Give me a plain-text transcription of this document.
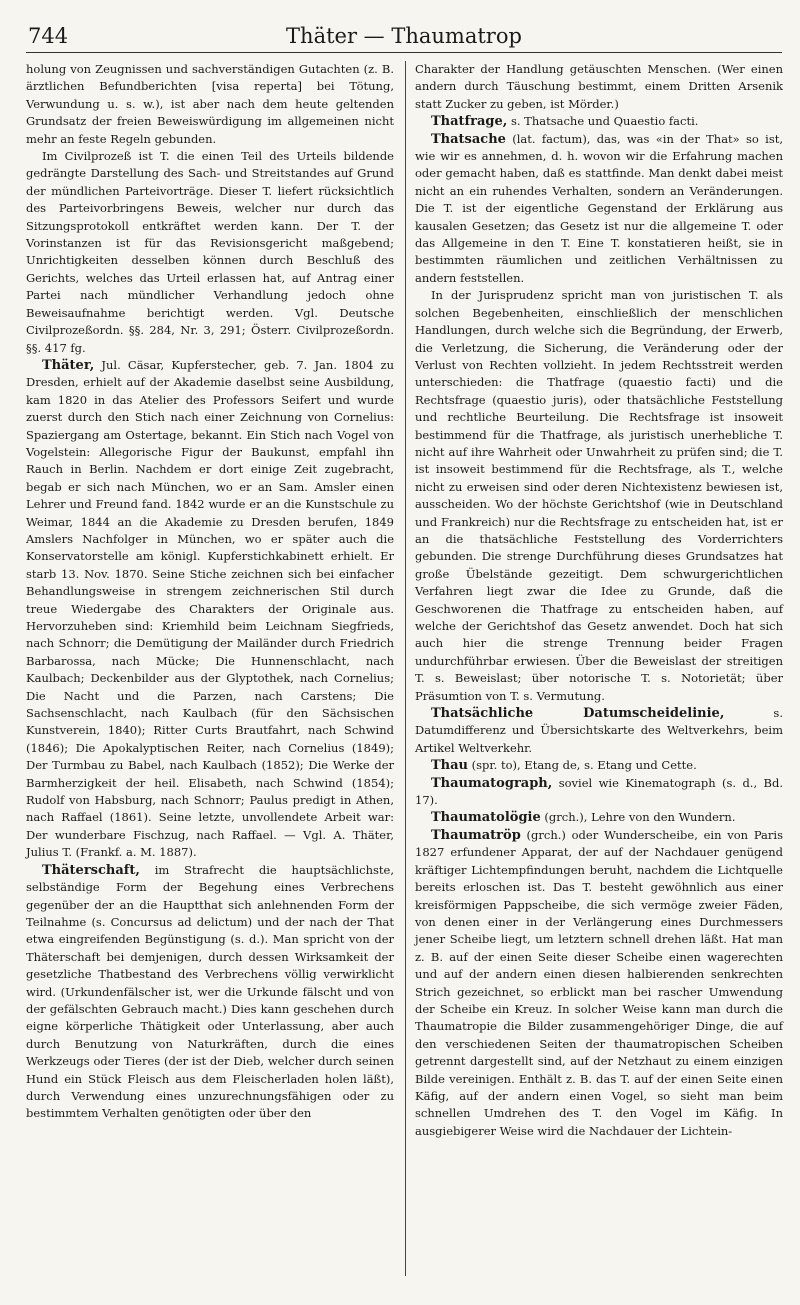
744	Thäter — Thaumatrop

holung von Zeugnissen und sachverständigen Gutachten (z. B. ärztlichen Befundberichten [visa reperta] bei Tötung, Verwundung u. s. w.), ist aber nach dem heute geltenden Grundsatz der freien Beweiswürdigung im allgemeinen nicht mehr an feste Regeln gebunden.

Im Civilprozeß ist T. die einen Teil des Urteils bildende gedrängte Darstellung des Sach- und Streitstandes auf Grund der mündlichen Parteivorträge. Dieser T. liefert rücksichtlich des Parteivorbringens Beweis, welcher nur durch das Sitzungsprotokoll entkräftet werden kann. Der T. der Vorinstanzen ist für das Revisionsgericht maßgebend; Unrichtigkeiten desselben können durch Beschluß des Gerichts, welches das Urteil erlassen hat, auf Antrag einer Partei nach mündlicher Verhandlung jedoch ohne Beweisaufnahme berichtigt werden. Vgl. Deutsche Civilprozeßordn. §§. 284, Nr. 3, 291; Österr. Civilprozeßordn. §§. 417 fg.

Thäter, Jul. Cäsar, Kupferstecher, geb. 7. Jan. 1804 zu Dresden, erhielt auf der Akademie daselbst seine Ausbildung, kam 1820 in das Atelier des Professors Seifert und wurde zuerst durch den Stich nach einer Zeichnung von Cornelius: Spaziergang am Ostertage, bekannt. Ein Stich nach Vogel von Vogelstein: Allegorische Figur der Baukunst, empfahl ihn Rauch in Berlin. Nachdem er dort einige Zeit zugebracht, begab er sich nach München, wo er an Sam. Amsler einen Lehrer und Freund fand. 1842 wurde er an die Kunstschule zu Weimar, 1844 an die Akademie zu Dresden berufen, 1849 Amslers Nachfolger in München, wo er später auch die Konservatorstelle am königl. Kupferstichkabinett erhielt. Er starb 13. Nov. 1870. Seine Stiche zeichnen sich bei einfacher Behandlungsweise in strengem zeichnerischen Stil durch treue Wiedergabe des Charakters der Originale aus. Hervorzuheben sind: Kriemhild beim Leichnam Siegfrieds, nach Schnorr; die Demütigung der Mailänder durch Friedrich Barbarossa, nach Mücke; Die Hunnenschlacht, nach Kaulbach; Deckenbilder aus der Glyptothek, nach Cornelius; Die Nacht und die Parzen, nach Carstens; Die Sachsenschlacht, nach Kaulbach (für den Sächsischen Kunstverein, 1840); Ritter Curts Brautfahrt, nach Schwind (1846); Die Apokalyptischen Reiter, nach Cornelius (1849); Der Turmbau zu Babel, nach Kaulbach (1852); Die Werke der Barmherzigkeit der heil. Elisabeth, nach Schwind (1854); Rudolf von Habsburg, nach Schnorr; Paulus predigt in Athen, nach Raffael (1861). Seine letzte, unvollendete Arbeit war: Der wunderbare Fischzug, nach Raffael. — Vgl. A. Thäter, Julius T. (Frankf. a. M. 1887).

Thäterschaft, im Strafrecht die hauptsächlichste, selbständige Form der Begehung eines Verbrechens gegenüber der an die Hauptthat sich anlehnenden Form der Teilnahme (s. Concursus ad delictum) und der nach der That etwa eingreifenden Begünstigung (s. d.). Man spricht von der Thäterschaft bei demjenigen, durch dessen Wirksamkeit der gesetzliche Thatbestand des Verbrechens völlig verwirklicht wird. (Urkundenfälscher ist, wer die Urkunde fälscht und von der gefälschten Gebrauch macht.) Dies kann geschehen durch eigne körperliche Thätigkeit oder Unterlassung, aber auch durch Benutzung von Naturkräften, durch die eines Werkzeugs oder Tieres (der ist der Dieb, welcher durch seinen Hund ein Stück Fleisch aus dem Fleischerladen holen läßt), durch Verwendung eines unzurechnungsfähigen oder zu bestimmtem Verhalten genötigten oder über den

Charakter der Handlung getäuschten Menschen. (Wer einen andern durch Täuschung bestimmt, einem Dritten Arsenik statt Zucker zu geben, ist Mörder.)

Thatfrage, s. Thatsache und Quaestio facti.

Thatsache (lat. factum), das, was «in der That» so ist, wie wir es annehmen, d. h. wovon wir die Erfahrung machen oder gemacht haben, daß es stattfinde. Man denkt dabei meist nicht an ein ruhendes Verhalten, sondern an Veränderungen. Die T. ist der eigentliche Gegenstand der Erklärung aus kausalen Gesetzen; das Gesetz ist nur die allgemeine T. oder das Allgemeine in den T. Eine T. konstatieren heißt, sie in bestimmten räumlichen und zeitlichen Verhältnissen zu andern feststellen.

In der Jurisprudenz spricht man von juristischen T. als solchen Begebenheiten, einschließlich der menschlichen Handlungen, durch welche sich die Begründung, der Erwerb, die Verletzung, die Sicherung, die Veränderung oder der Verlust von Rechten vollzieht. In jedem Rechtsstreit werden unterschieden: die Thatfrage (quaestio facti) und die Rechtsfrage (quaestio juris), oder thatsächliche Feststellung und rechtliche Beurteilung. Die Rechtsfrage ist insoweit bestimmend für die Thatfrage, als juristisch unerhebliche T. nicht auf ihre Wahrheit oder Unwahrheit zu prüfen sind; die T. ist insoweit bestimmend für die Rechtsfrage, als T., welche nicht zu erweisen sind oder deren Nichtexistenz bewiesen ist, ausscheiden. Wo der höchste Gerichtshof (wie in Deutschland und Frankreich) nur die Rechtsfrage zu entscheiden hat, ist er an die thatsächliche Feststellung des Vorderrichters gebunden. Die strenge Durchführung dieses Grundsatzes hat große Übelstände gezeitigt. Dem schwurgerichtlichen Verfahren liegt zwar die Idee zu Grunde, daß die Geschworenen die Thatfrage zu entscheiden haben, auf welche der Gerichtshof das Gesetz anwendet. Doch hat sich auch hier die strenge Trennung beider Fragen undurchführbar erwiesen. Über die Beweislast der streitigen T. s. Beweislast; über notorische T. s. Notorietät; über Präsumtion von T. s. Vermutung.

Thatsächliche Datumscheidelinie, s. Datumdifferenz und Übersichtskarte des Weltverkehrs, beim Artikel Weltverkehr.

Thau (spr. to), Etang de, s. Etang und Cette.

Thaumatograph, soviel wie Kinematograph (s. d., Bd. 17).

Thaumatolögie (grch.), Lehre von den Wundern.

Thaumatröp (grch.) oder Wunderscheibe, ein von Paris 1827 erfundener Apparat, der auf der Nachdauer genügend kräftiger Lichtempfindungen beruht, nachdem die Lichtquelle bereits erloschen ist. Das T. besteht gewöhnlich aus einer kreisförmigen Pappscheibe, die sich vermöge zweier Fäden, von denen einer in der Verlängerung eines Durchmessers jener Scheibe liegt, um letztern schnell drehen läßt. Hat man z. B. auf der einen Seite dieser Scheibe einen wagerechten und auf der andern einen diesen halbierenden senkrechten Strich gezeichnet, so erblickt man bei rascher Umwendung der Scheibe ein Kreuz. In solcher Weise kann man durch die Thaumatropie die Bilder zusammengehöriger Dinge, die auf den verschiedenen Seiten der thaumatropischen Scheiben getrennt dargestellt sind, auf der Netzhaut zu einem einzigen Bilde vereinigen. Enthält z. B. das T. auf der einen Seite einen Käfig, auf der andern einen Vogel, so sieht man beim schnellen Umdrehen des T. den Vogel im Käfig. In ausgiebigerer Weise wird die Nachdauer der Lichtein-
